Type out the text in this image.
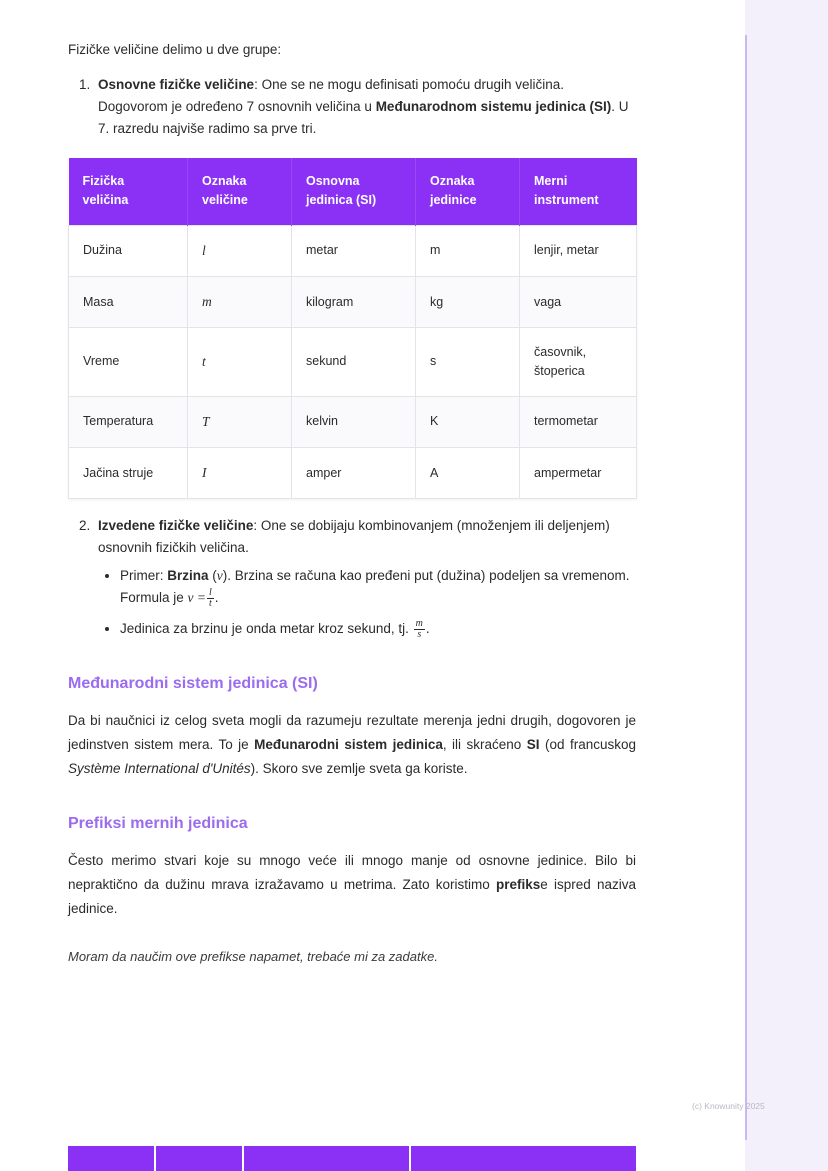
Fizičke veličine delimo u dve grupe:

1. Osnovne fizičke veličine: One se ne mogu definisati pomoću drugih veličina. Dogovorom je određeno 7 osnovnih veličina u Međunarodnom sistemu jedinica (SI). U 7. razredu najviše radimo sa prve tri.
Fizička veličina	Oznaka veličine	Osnovna jedinica (SI)	Oznaka jedinice	Merni instrument
Dužina	l	metar	m	lenjir, metar
Masa	m	kilogram	kg	vaga
Vreme	t	sekund	s	časovnik, štoperica
Temperatura	T	kelvin	K	termometar
Jačina struje	I	amper	A	ampermetar
2. Izvedene fizičke veličine: One se dobijaju kombinovanjem (množenjem ili deljenjem) osnovnih fizičkih veličina.
• Primer: Brzina (v). Brzina se računa kao pređeni put (dužina) podeljen sa vremenom. Formula je $v = \frac{l}{t}$ .
• Jedinica za brzinu je onda metar kroz sekund, tj. $\frac{m}{s}$ .
Međunarodni sistem jedinica (SI)

Da bi naučnici iz celog sveta mogli da razumeju rezultate merenja jedni drugih, dogovoren je jedinstven sistem mera. To je Međunarodni sistem jedinica, ili skraćeno SI (od francuskog Système International d'Unités). Skoro sve zemlje sveta ga koriste.

Prefiksi mernih jedinica

Često merimo stvari koje su mnogo veće ili mnogo manje od osnovne jedinice. Bilo bi nepraktično da dužinu mrava izražavamo u metrima. Zato koristimo prefikse ispred naziva jedinice.

Moram da naučim ove prefikse napamet, trebaće mi za zadatke.

(c) Knowunity 2025
